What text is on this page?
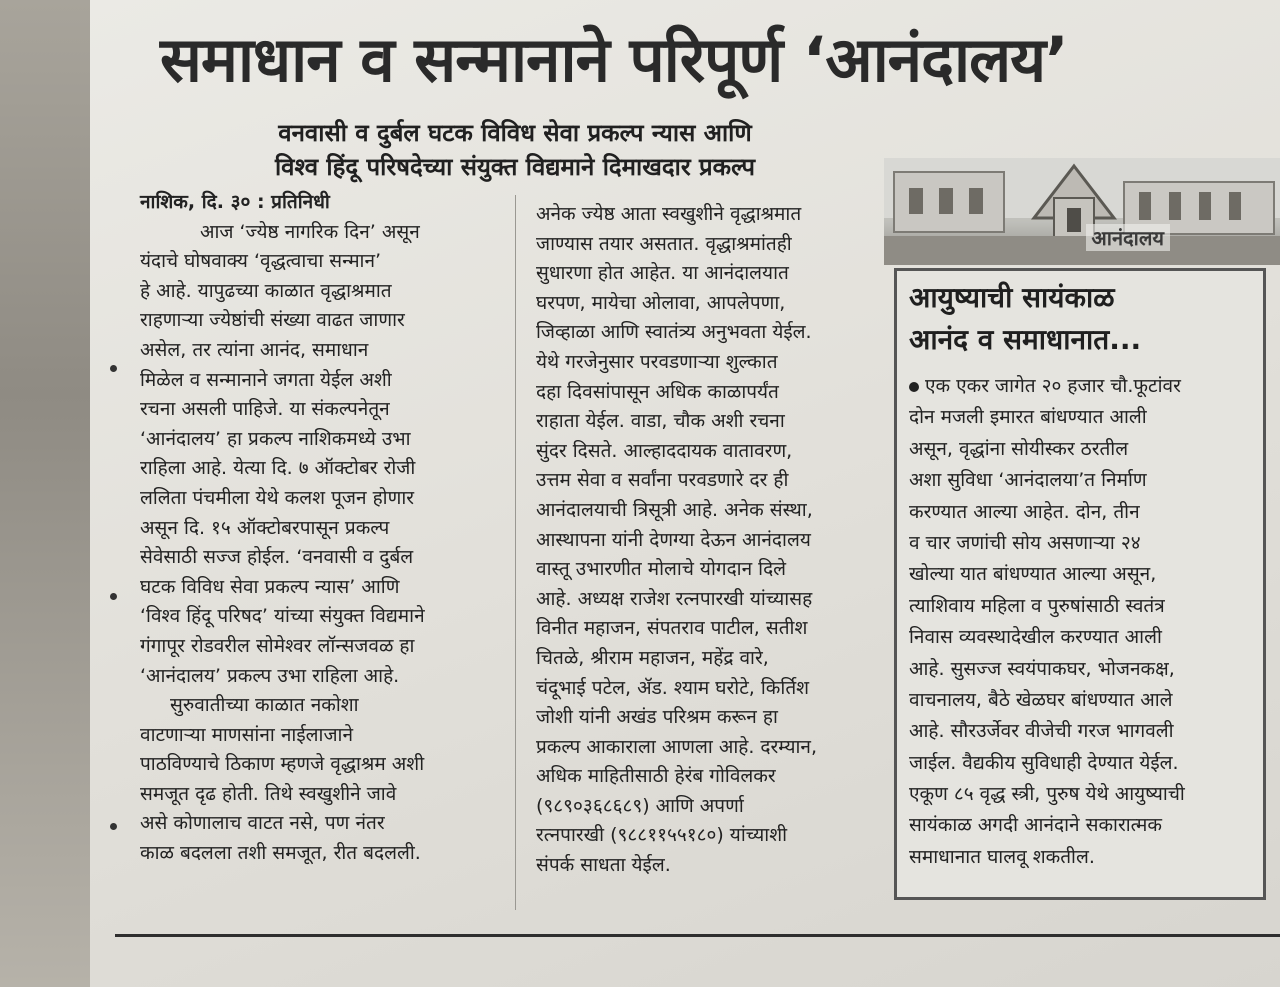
समाधान व सन्मानाने परिपूर्ण ‘आनंदालय’
वनवासी व दुर्बल घटक विविध सेवा प्रकल्प न्यास आणि
विश्व हिंदू परिषदेच्या संयुक्त विद्यमाने दिमाखदार प्रकल्प
नाशिक, दि. ३० : प्रतिनिधी
आज ‘ज्येष्ठ नागरिक दिन’ असून
यंदाचे घोषवाक्य ‘वृद्धत्वाचा सन्मान’
हे आहे. यापुढच्या काळात वृद्धाश्रमात
राहणाऱ्या ज्येष्ठांची संख्या वाढत जाणार
असेल, तर त्यांना आनंद, समाधान
मिळेल व सन्मानाने जगता येईल अशी
रचना असली पाहिजे. या संकल्पनेतून
‘आनंदालय’ हा प्रकल्प नाशिकमध्ये उभा
राहिला आहे. येत्या दि. ७ ऑक्टोबर रोजी
ललिता पंचमीला येथे कलश पूजन होणार
असून दि. १५ ऑक्टोबरपासून प्रकल्प
सेवेसाठी सज्ज होईल. ‘वनवासी व दुर्बल
घटक विविध सेवा प्रकल्प न्यास’ आणि
‘विश्व हिंदू परिषद’ यांच्या संयुक्त विद्यमाने
गंगापूर रोडवरील सोमेश्वर लॉन्सजवळ हा
‘आनंदालय’ प्रकल्प उभा राहिला आहे.
सुरुवातीच्या काळात नकोशा
वाटणाऱ्या माणसांना नाईलाजाने
पाठविण्याचे ठिकाण म्हणजे वृद्धाश्रम अशी
समजूत दृढ होती. तिथे स्वखुशीने जावे
असे कोणालाच वाटत नसे, पण नंतर
काळ बदलला तशी समजूत, रीत बदलली.
अनेक ज्येष्ठ आता स्वखुशीने वृद्धाश्रमात
जाण्यास तयार असतात. वृद्धाश्रमांतही
सुधारणा होत आहेत. या आनंदालयात
घरपण, मायेचा ओलावा, आपलेपणा,
जिव्हाळा आणि स्वातंत्र्य अनुभवता येईल.
येथे गरजेनुसार परवडणाऱ्या शुल्कात
दहा दिवसांपासून अधिक काळापर्यंत
राहाता येईल. वाडा, चौक अशी रचना
सुंदर दिसते. आल्हाददायक वातावरण,
उत्तम सेवा व सर्वांना परवडणारे दर ही
आनंदालयाची त्रिसूत्री आहे. अनेक संस्था,
आस्थापना यांनी देणग्या देऊन आनंदालय
वास्तू उभारणीत मोलाचे योगदान दिले
आहे. अध्यक्ष राजेश रत्नपारखी यांच्यासह
विनीत महाजन, संपतराव पाटील, सतीश
चितळे, श्रीराम महाजन, महेंद्र वारे,
चंदूभाई पटेल, ॲड. श्याम घरोटे, किर्तिश
जोशी यांनी अखंड परिश्रम करून हा
प्रकल्प आकाराला आणला आहे. दरम्यान,
अधिक माहितीसाठी हेरंब गोविलकर
(९८९०३६८६८९) आणि अपर्णा
रत्नपारखी (९८८११५५१८०) यांच्याशी
संपर्क साधता येईल.
आनंदालय
आयुष्याची सायंकाळ
आनंद व समाधानात...
एक एकर जागेत २० हजार चौ.फूटांवर
दोन मजली इमारत बांधण्यात आली
असून, वृद्धांना सोयीस्कर ठरतील
अशा सुविधा ‘आनंदालया’त निर्माण
करण्यात आल्या आहेत. दोन, तीन
व चार जणांची सोय असणाऱ्या २४
खोल्या यात बांधण्यात आल्या असून,
त्याशिवाय महिला व पुरुषांसाठी स्वतंत्र
निवास व्यवस्थादेखील करण्यात आली
आहे. सुसज्ज स्वयंपाकघर, भोजनकक्ष,
वाचनालय, बैठे खेळघर बांधण्यात आले
आहे. सौरउर्जेवर वीजेची गरज भागवली
जाईल. वैद्यकीय सुविधाही देण्यात येईल.
एकूण ८५ वृद्ध स्त्री, पुरुष येथे आयुष्याची
सायंकाळ अगदी आनंदाने सकारात्मक
समाधानात घालवू शकतील.
